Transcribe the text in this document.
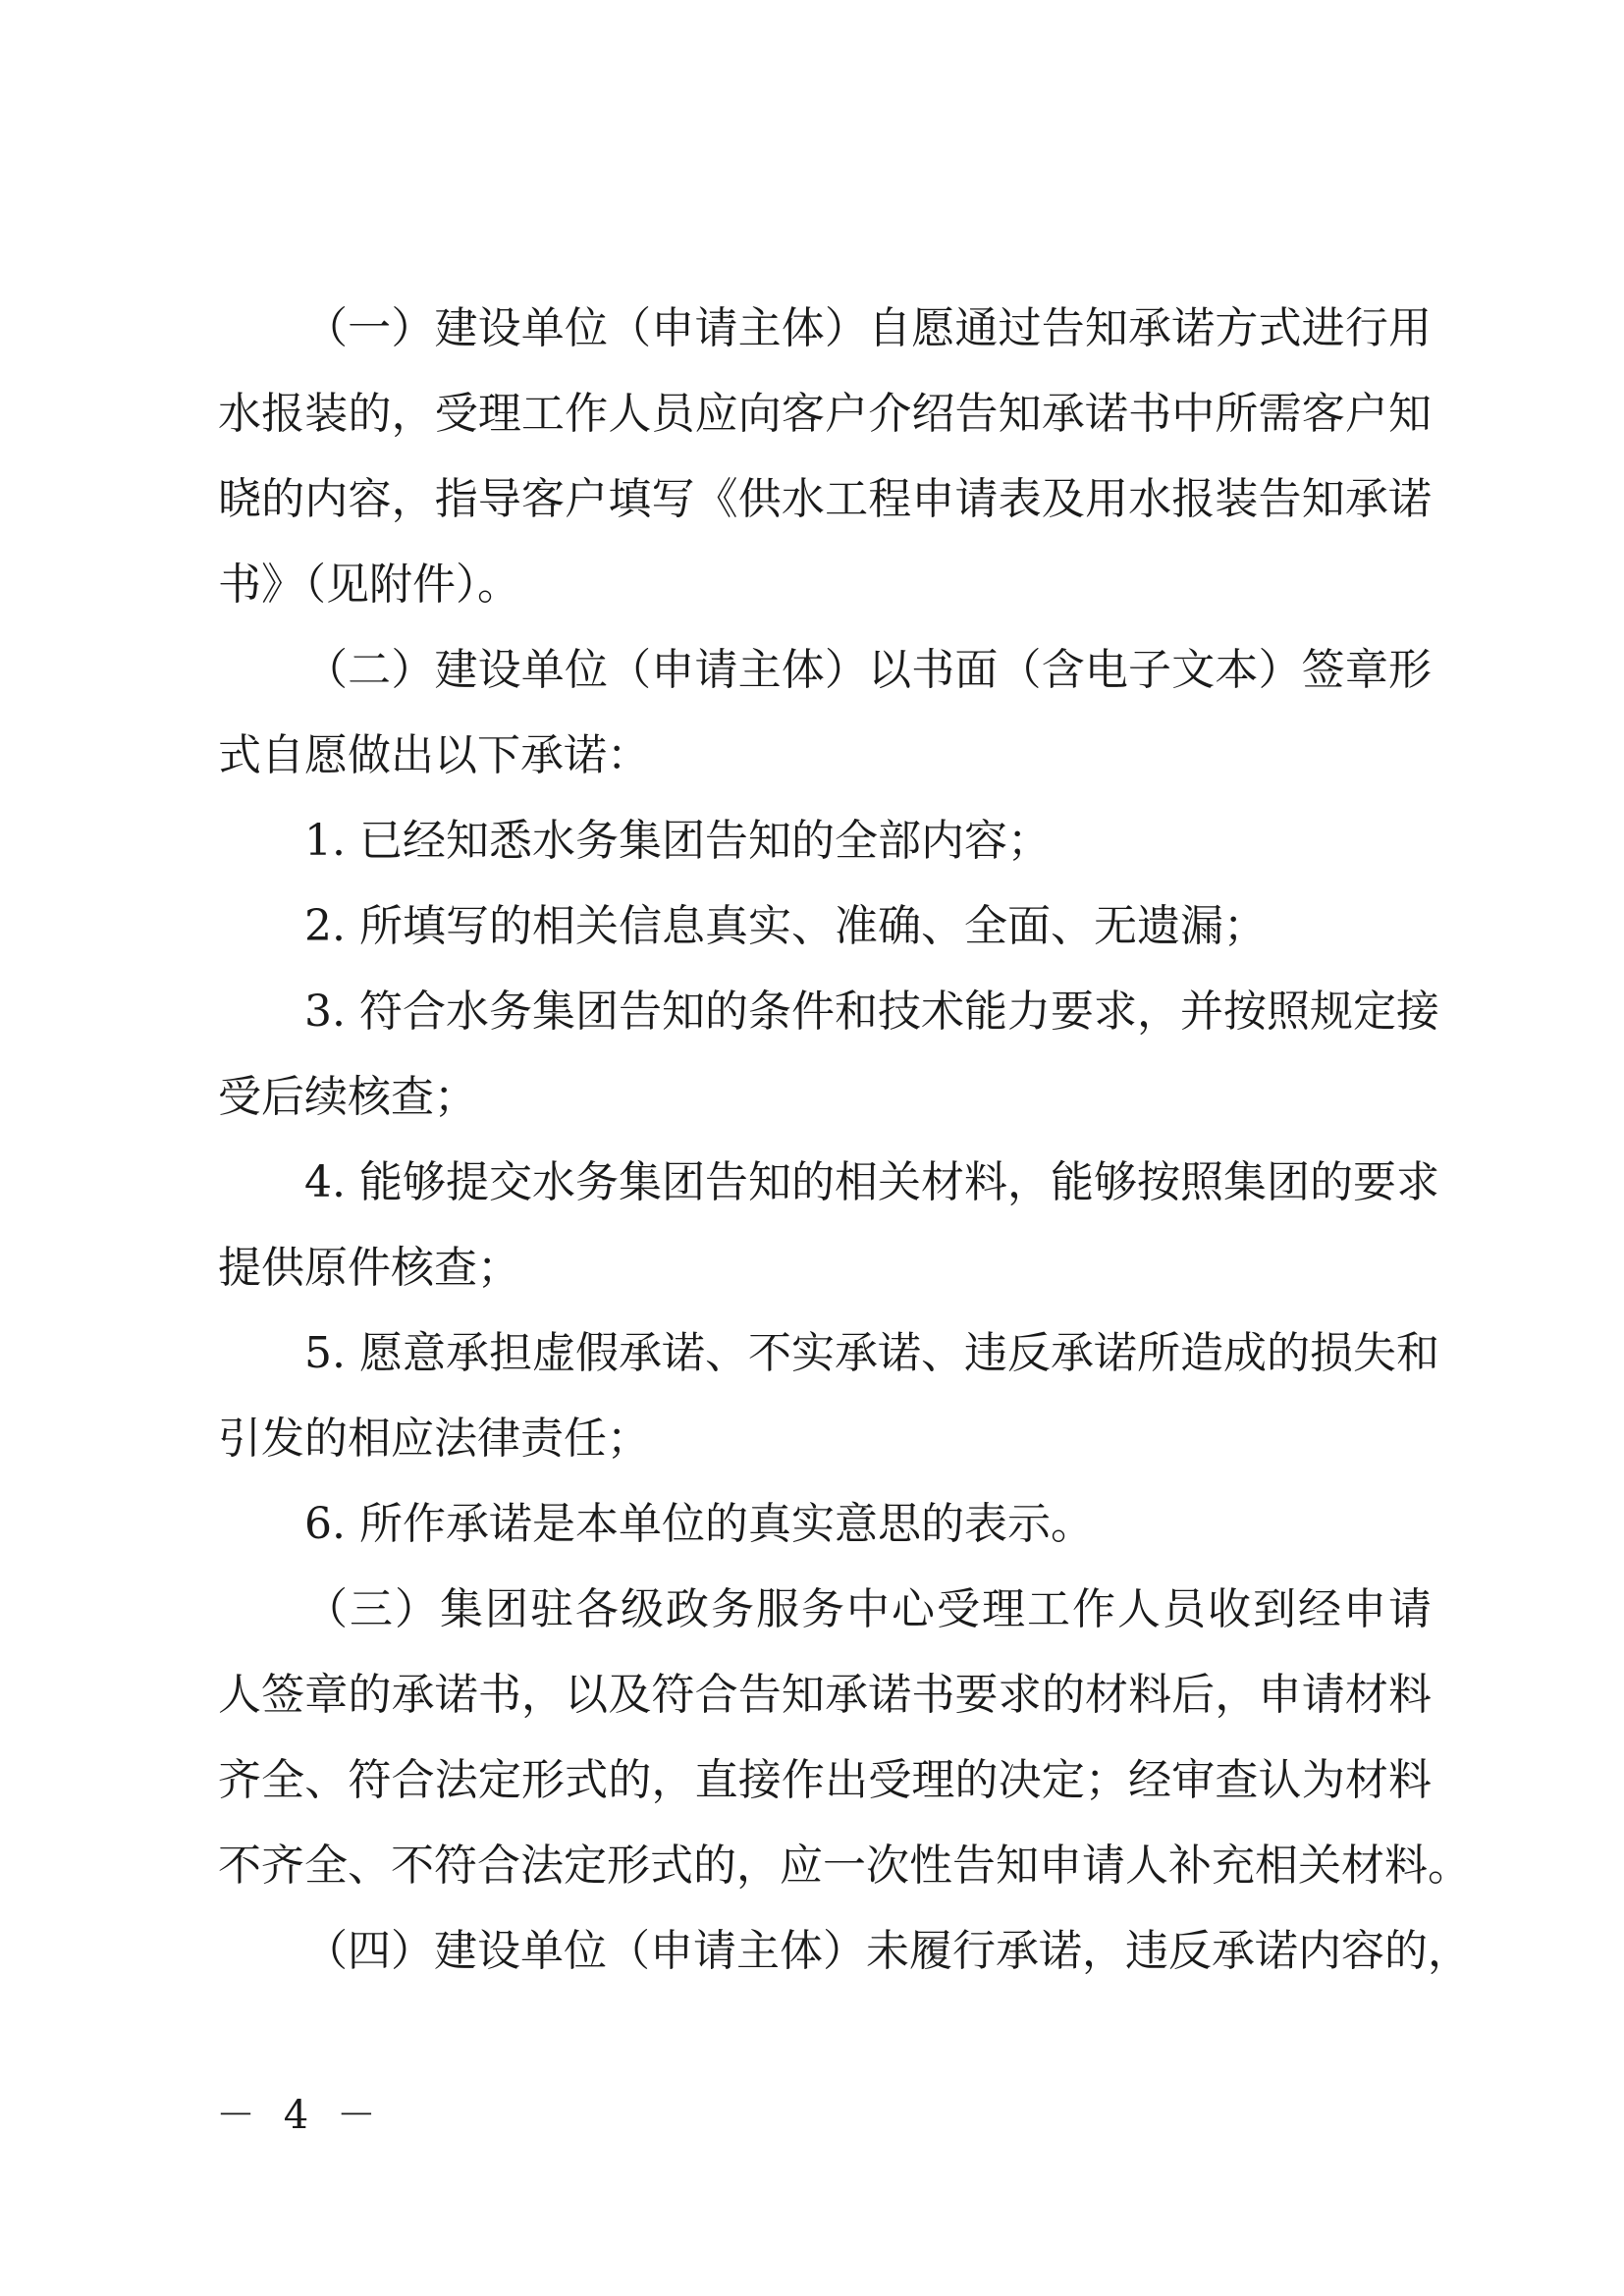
（一）建设单位（申请主体）自愿通过告知承诺方式进行用
水报装的，受理工作人员应向客户介绍告知承诺书中所需客户知
晓的内容，指导客户填写《供水工程申请表及用水报装告知承诺
书》（见附件）。
（二）建设单位（申请主体）以书面（含电子文本）签章形
式自愿做出以下承诺：
1. 已经知悉水务集团告知的全部内容；
2. 所填写的相关信息真实、准确、全面、无遗漏；
3. 符合水务集团告知的条件和技术能力要求，并按照规定接
受后续核查；
4. 能够提交水务集团告知的相关材料，能够按照集团的要求
提供原件核查；
5. 愿意承担虚假承诺、不实承诺、违反承诺所造成的损失和
引发的相应法律责任；
6. 所作承诺是本单位的真实意思的表示。
（三）集团驻各级政务服务中心受理工作人员收到经申请
人签章的承诺书，以及符合告知承诺书要求的材料后，申请材料
齐全、符合法定形式的，直接作出受理的决定；经审查认为材料
不齐全、不符合法定形式的，应一次性告知申请人补充相关材料。
（四）建设单位（申请主体）未履行承诺，违反承诺内容的，
－ 4 －
